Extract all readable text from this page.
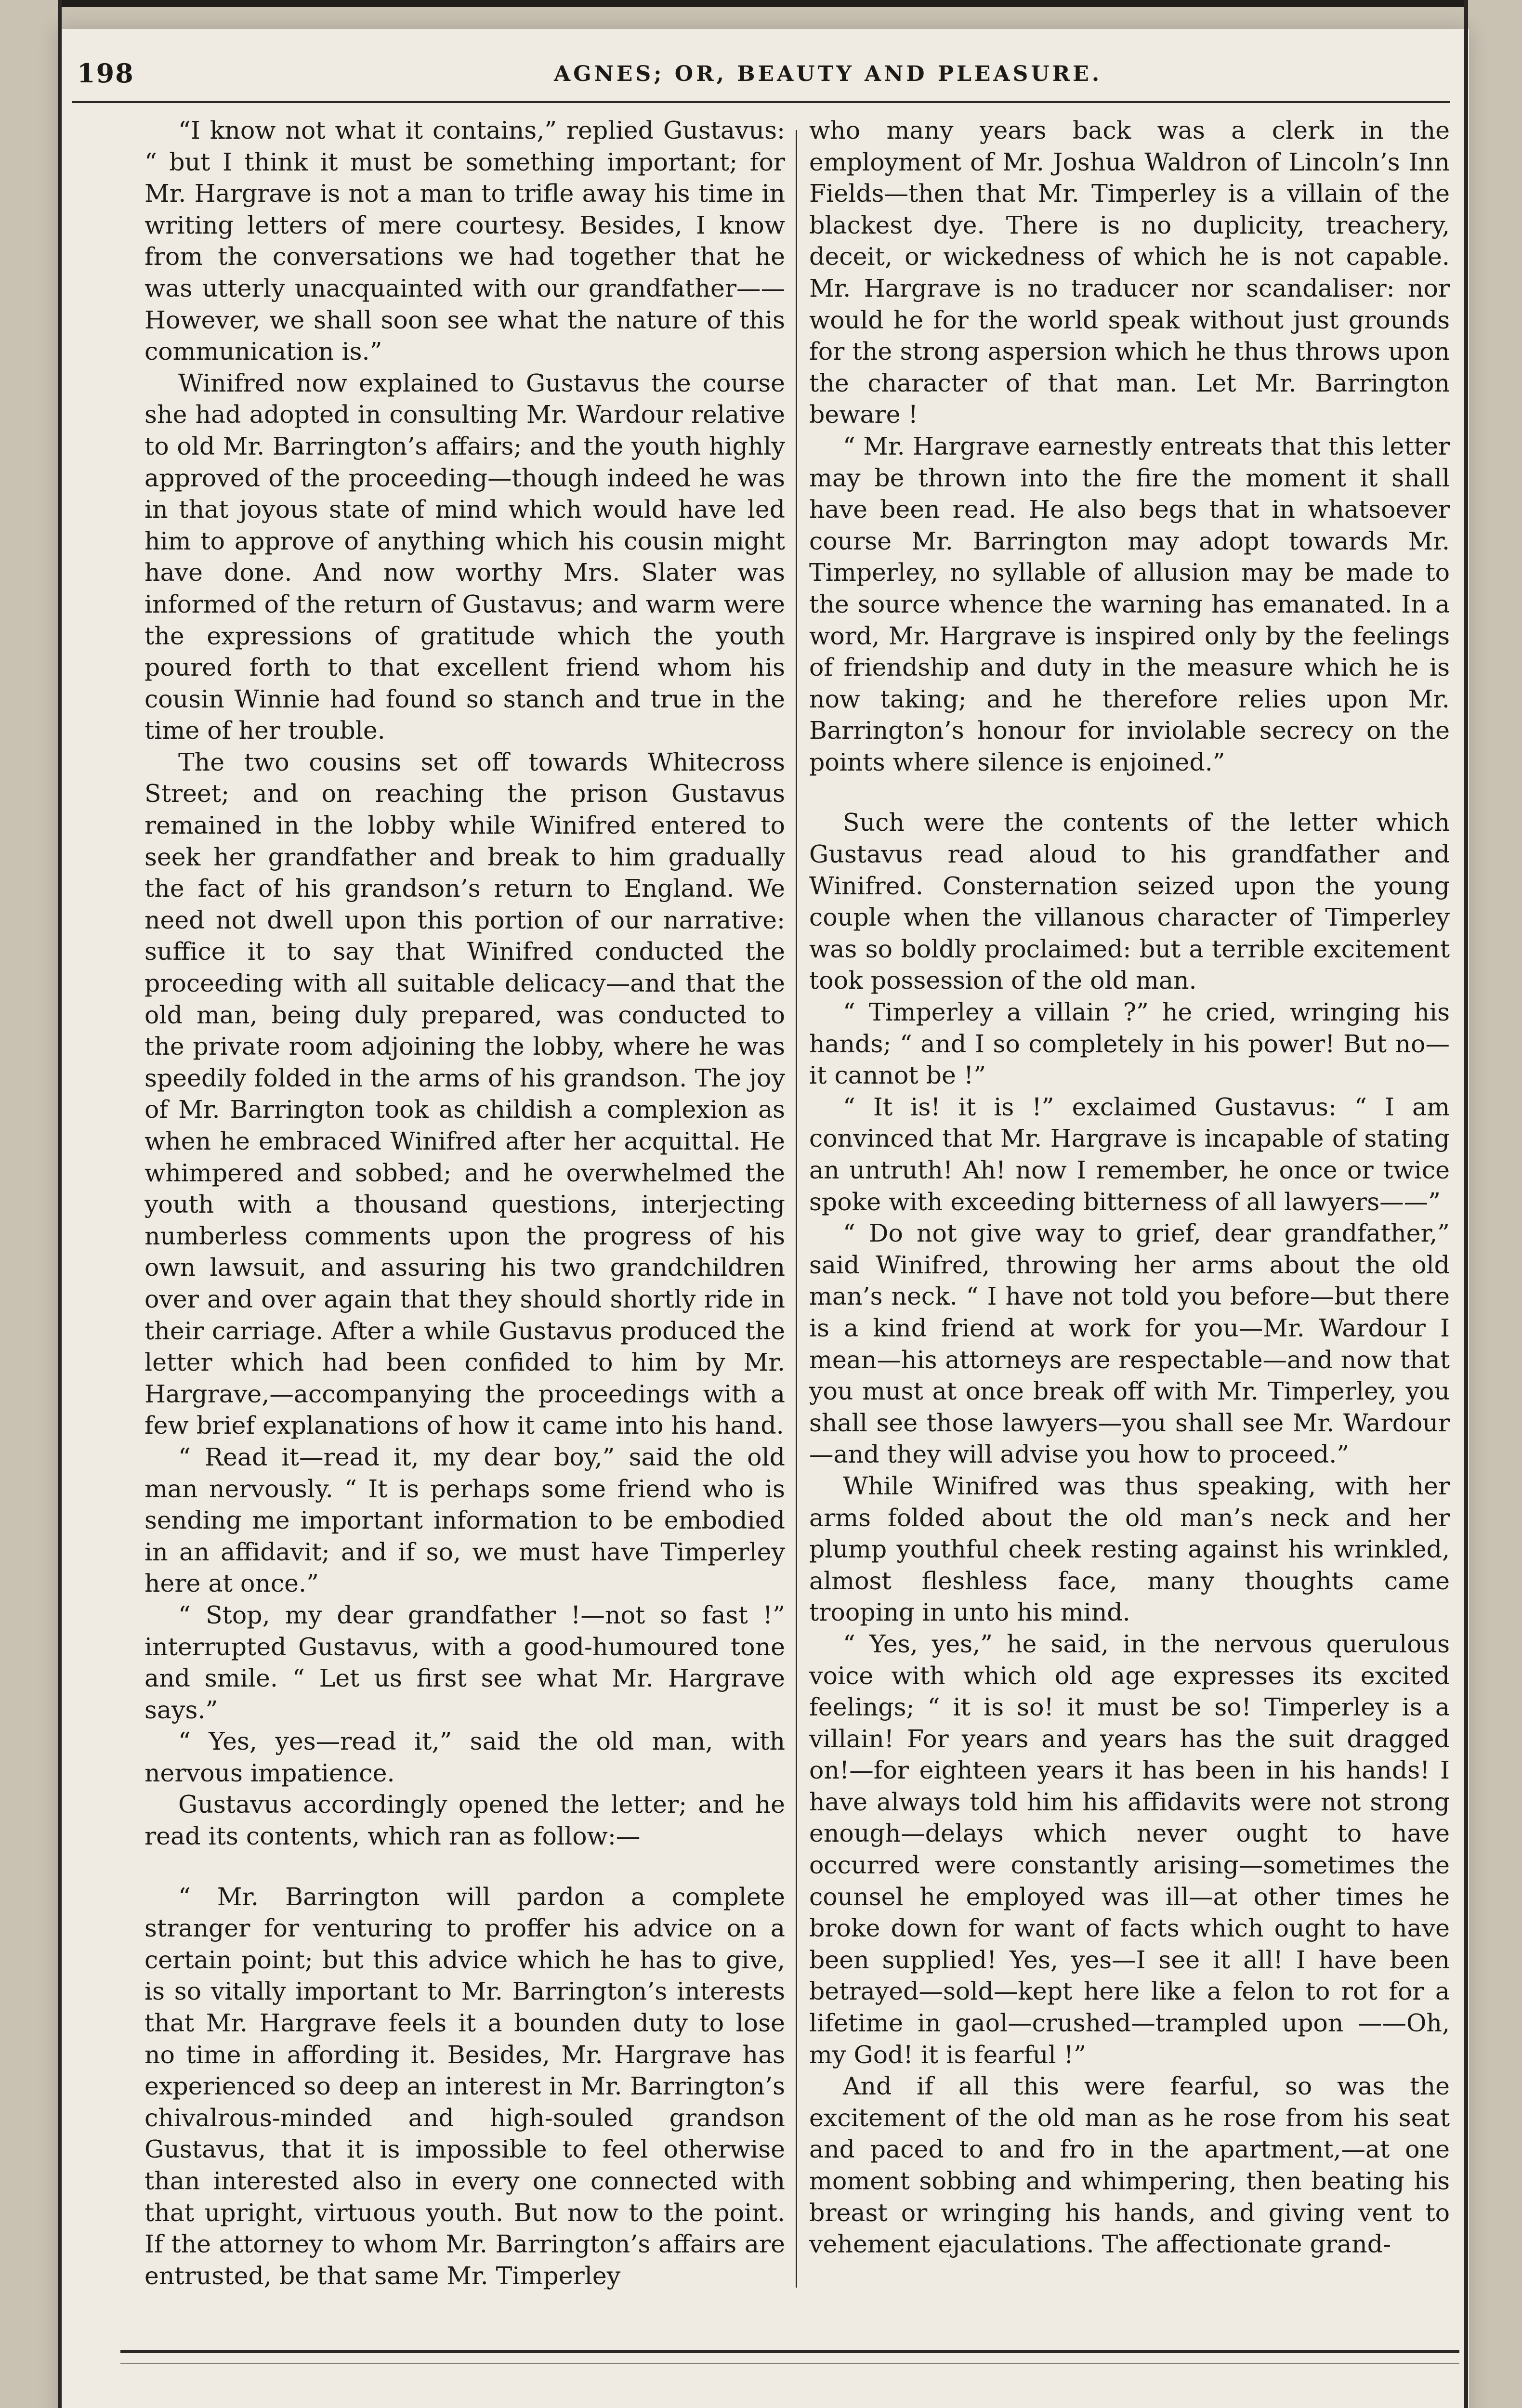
198	AGNES; OR, BEAUTY AND PLEASURE.

“I know not what it contains,” replied Gustavus: “ but I think it must be something important; for Mr. Hargrave is not a man to trifle away his time in writing letters of mere courtesy. Besides, I know from the conversations we had together that he was utterly unacquainted with our grandfather——However, we shall soon see what the nature of this communication is.”

Winifred now explained to Gustavus the course she had adopted in consulting Mr. Wardour relative to old Mr. Barrington’s affairs; and the youth highly approved of the proceeding—though indeed he was in that joyous state of mind which would have led him to approve of anything which his cousin might have done. And now worthy Mrs. Slater was informed of the return of Gustavus; and warm were the expressions of gratitude which the youth poured forth to that excellent friend whom his cousin Winnie had found so stanch and true in the time of her trouble.

The two cousins set off towards Whitecross Street; and on reaching the prison Gustavus remained in the lobby while Winifred entered to seek her grandfather and break to him gradually the fact of his grandson’s return to England. We need not dwell upon this portion of our narrative: suffice it to say that Winifred conducted the proceeding with all suitable delicacy—and that the old man, being duly prepared, was conducted to the private room adjoining the lobby, where he was speedily folded in the arms of his grandson. The joy of Mr. Barrington took as childish a complexion as when he embraced Winifred after her acquittal. He whimpered and sobbed; and he overwhelmed the youth with a thousand questions, interjecting numberless comments upon the progress of his own lawsuit, and assuring his two grandchildren over and over again that they should shortly ride in their carriage. After a while Gustavus produced the letter which had been confided to him by Mr. Hargrave,—accompanying the proceedings with a few brief explanations of how it came into his hand.

“ Read it—read it, my dear boy,” said the old man nervously. “ It is perhaps some friend who is sending me important information to be embodied in an affidavit; and if so, we must have Timperley here at once.”

“ Stop, my dear grandfather !—not so fast !” interrupted Gustavus, with a good-humoured tone and smile. “ Let us first see what Mr. Hargrave says.”

“ Yes, yes—read it,” said the old man, with nervous impatience.

Gustavus accordingly opened the letter; and he read its contents, which ran as follow:—

“ Mr. Barrington will pardon a complete stranger for venturing to proffer his advice on a certain point; but this advice which he has to give, is so vitally important to Mr. Barrington’s interests that Mr. Hargrave feels it a bounden duty to lose no time in affording it. Besides, Mr. Hargrave has experienced so deep an interest in Mr. Barrington’s chivalrous-minded and high-souled grandson Gustavus, that it is impossible to feel otherwise than interested also in every one connected with that upright, virtuous youth. But now to the point. If the attorney to whom Mr. Barrington’s affairs are entrusted, be that same Mr. Timperley

who many years back was a clerk in the employment of Mr. Joshua Waldron of Lincoln’s Inn Fields—then that Mr. Timperley is a villain of the blackest dye. There is no duplicity, treachery, deceit, or wickedness of which he is not capable. Mr. Hargrave is no traducer nor scandaliser: nor would he for the world speak without just grounds for the strong aspersion which he thus throws upon the character of that man. Let Mr. Barrington beware !

“ Mr. Hargrave earnestly entreats that this letter may be thrown into the fire the moment it shall have been read. He also begs that in whatsoever course Mr. Barrington may adopt towards Mr. Timperley, no syllable of allusion may be made to the source whence the warning has emanated. In a word, Mr. Hargrave is inspired only by the feelings of friendship and duty in the measure which he is now taking; and he therefore relies upon Mr. Barrington’s honour for inviolable secrecy on the points where silence is enjoined.”

Such were the contents of the letter which Gustavus read aloud to his grandfather and Winifred. Consternation seized upon the young couple when the villanous character of Timperley was so boldly proclaimed: but a terrible excitement took possession of the old man.

“ Timperley a villain ?” he cried, wringing his hands; “ and I so completely in his power! But no—it cannot be !”

“ It is! it is !” exclaimed Gustavus: “ I am convinced that Mr. Hargrave is incapable of stating an untruth! Ah! now I remember, he once or twice spoke with exceeding bitterness of all lawyers——”

“ Do not give way to grief, dear grandfather,” said Winifred, throwing her arms about the old man’s neck. “ I have not told you before—but there is a kind friend at work for you—Mr. Wardour I mean—his attorneys are respectable—and now that you must at once break off with Mr. Timperley, you shall see those lawyers—you shall see Mr. Wardour—and they will advise you how to proceed.”

While Winifred was thus speaking, with her arms folded about the old man’s neck and her plump youthful cheek resting against his wrinkled, almost fleshless face, many thoughts came trooping in unto his mind.

“ Yes, yes,” he said, in the nervous querulous voice with which old age expresses its excited feelings; “ it is so! it must be so! Timperley is a villain! For years and years has the suit dragged on!—for eighteen years it has been in his hands! I have always told him his affidavits were not strong enough—delays which never ought to have occurred were constantly arising—sometimes the counsel he employed was ill—at other times he broke down for want of facts which ought to have been supplied! Yes, yes—I see it all! I have been betrayed—sold—kept here like a felon to rot for a lifetime in gaol—crushed—trampled upon ——Oh, my God! it is fearful !”

And if all this were fearful, so was the excitement of the old man as he rose from his seat and paced to and fro in the apartment,—at one moment sobbing and whimpering, then beating his breast or wringing his hands, and giving vent to vehement ejaculations. The affectionate grand-
